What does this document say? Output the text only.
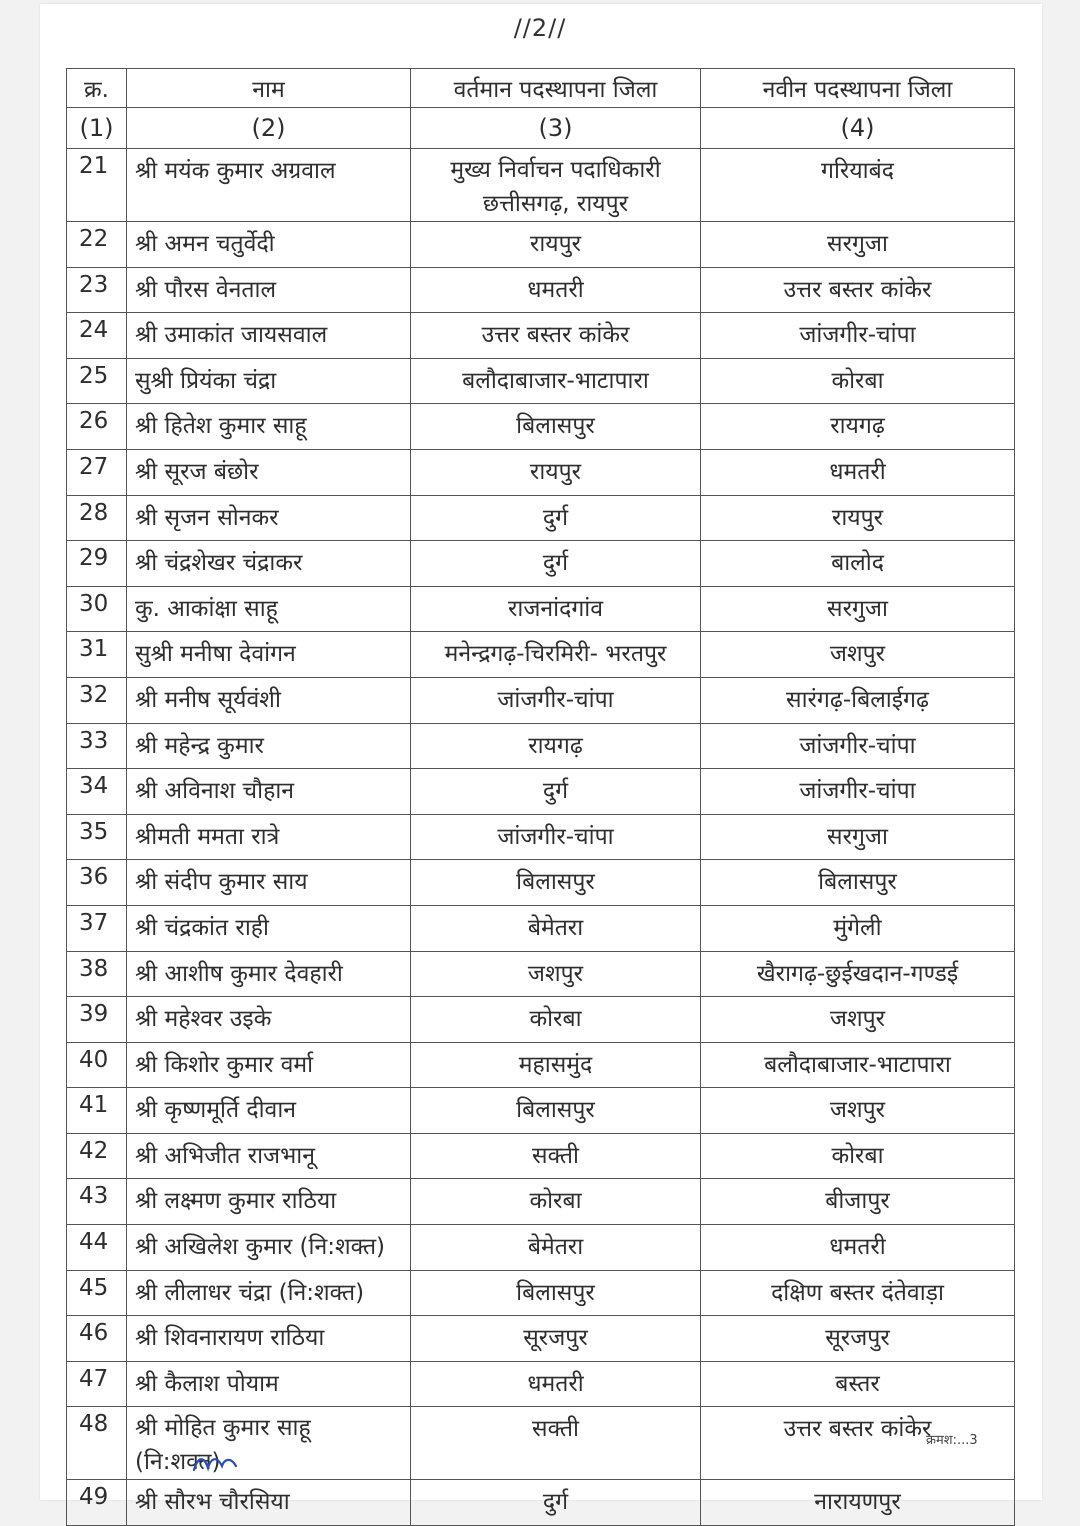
//2//
क्र.	नाम	वर्तमान पदस्थापना जिला	नवीन पदस्थापना जिला
(1)	(2)	(3)	(4)
21	श्री मयंक कुमार अग्रवाल	मुख्य निर्वाचन पदाधिकारी छत्तीसगढ़, रायपुर	गरियाबंद
22	श्री अमन चतुर्वेदी	रायपुर	सरगुजा
23	श्री पौरस वेनताल	धमतरी	उत्तर बस्तर कांकेर
24	श्री उमाकांत जायसवाल	उत्तर बस्तर कांकेर	जांजगीर-चांपा
25	सुश्री प्रियंका चंद्रा	बलौदाबाजार-भाटापारा	कोरबा
26	श्री हितेश कुमार साहू	बिलासपुर	रायगढ़
27	श्री सूरज बंछोर	रायपुर	धमतरी
28	श्री सृजन सोनकर	दुर्ग	रायपुर
29	श्री चंद्रशेखर चंद्राकर	दुर्ग	बालोद
30	कु. आकांक्षा साहू	राजनांदगांव	सरगुजा
31	सुश्री मनीषा देवांगन	मनेन्द्रगढ़-चिरमिरी- भरतपुर	जशपुर
32	श्री मनीष सूर्यवंशी	जांजगीर-चांपा	सारंगढ़-बिलाईगढ़
33	श्री महेन्द्र कुमार	रायगढ़	जांजगीर-चांपा
34	श्री अविनाश चौहान	दुर्ग	जांजगीर-चांपा
35	श्रीमती ममता रात्रे	जांजगीर-चांपा	सरगुजा
36	श्री संदीप कुमार साय	बिलासपुर	बिलासपुर
37	श्री चंद्रकांत राही	बेमेतरा	मुंगेली
38	श्री आशीष कुमार देवहारी	जशपुर	खैरागढ़-छुईखदान-गण्डई
39	श्री महेश्वर उइके	कोरबा	जशपुर
40	श्री किशोर कुमार वर्मा	महासमुंद	बलौदाबाजार-भाटापारा
41	श्री कृष्णमूर्ति दीवान	बिलासपुर	जशपुर
42	श्री अभिजीत राजभानू	सक्ती	कोरबा
43	श्री लक्ष्मण कुमार राठिया	कोरबा	बीजापुर
44	श्री अखिलेश कुमार (नि:शक्त)	बेमेतरा	धमतरी
45	श्री लीलाधर चंद्रा (नि:शक्त)	बिलासपुर	दक्षिण बस्तर दंतेवाड़ा
46	श्री शिवनारायण राठिया	सूरजपुर	सूरजपुर
47	श्री कैलाश पोयाम	धमतरी	बस्तर
48	श्री मोहित कुमार साहू (नि:शक्त)	सक्ती	उत्तर बस्तर कांकेर
49	श्री सौरभ चौरसिया	दुर्ग	नारायणपुर
क्रमश:...3
